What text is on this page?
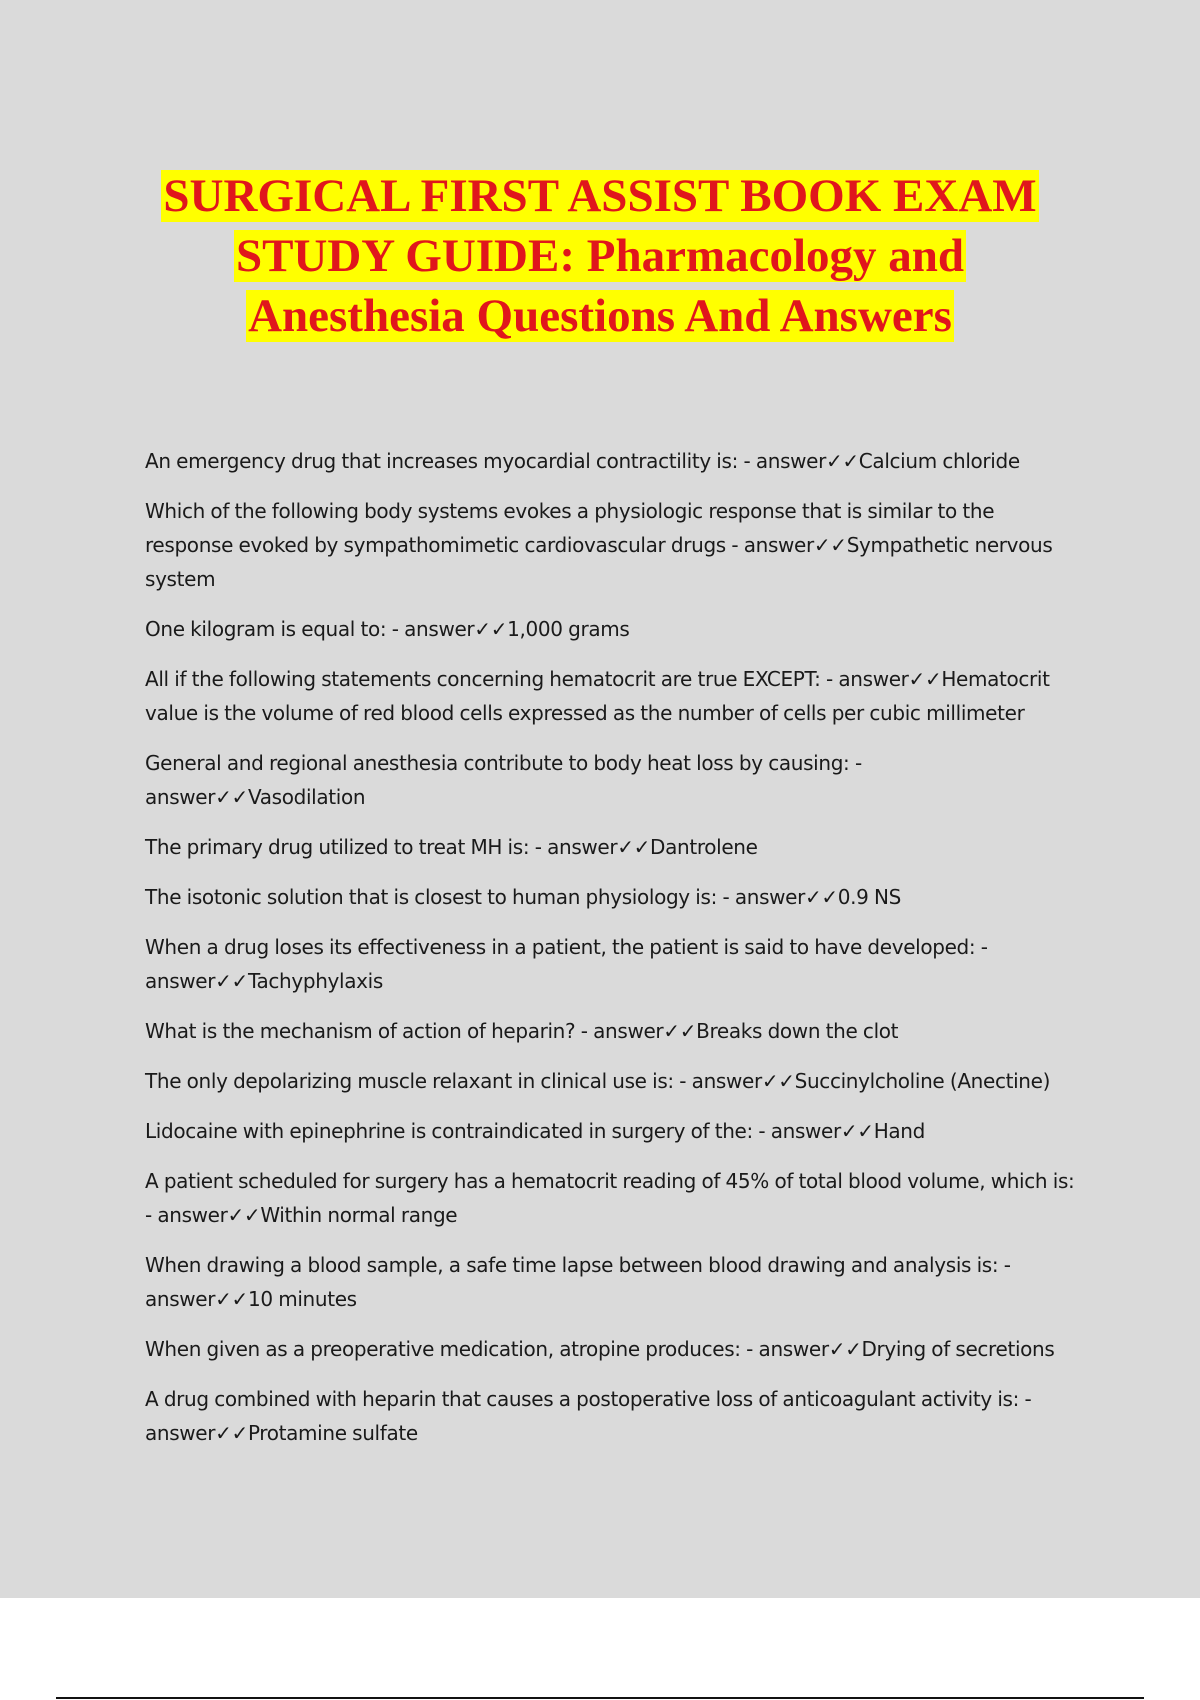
SURGICAL FIRST ASSIST BOOK EXAM

STUDY GUIDE: Pharmacology and

Anesthesia Questions And Answers

An emergency drug that increases myocardial contractility is: - answer✓✓Calcium chloride
Which of the following body systems evokes a physiologic response that is similar to the response evoked by sympathomimetic cardiovascular drugs - answer✓✓Sympathetic nervous system
One kilogram is equal to: - answer✓✓1,000 grams
All if the following statements concerning hematocrit are true EXCEPT: - answer✓✓Hematocrit value is the volume of red blood cells expressed as the number of cells per cubic millimeter
General and regional anesthesia contribute to body heat loss by causing: - answer✓✓Vasodilation
The primary drug utilized to treat MH is: - answer✓✓Dantrolene
The isotonic solution that is closest to human physiology is: - answer✓✓0.9 NS
When a drug loses its effectiveness in a patient, the patient is said to have developed: - answer✓✓Tachyphylaxis
What is the mechanism of action of heparin? - answer✓✓Breaks down the clot
The only depolarizing muscle relaxant in clinical use is: - answer✓✓Succinylcholine (Anectine)
Lidocaine with epinephrine is contraindicated in surgery of the: - answer✓✓Hand
A patient scheduled for surgery has a hematocrit reading of 45% of total blood volume, which is: - answer✓✓Within normal range
When drawing a blood sample, a safe time lapse between blood drawing and analysis is: - answer✓✓10 minutes
When given as a preoperative medication, atropine produces: - answer✓✓Drying of secretions
A drug combined with heparin that causes a postoperative loss of anticoagulant activity is: - answer✓✓Protamine sulfate
